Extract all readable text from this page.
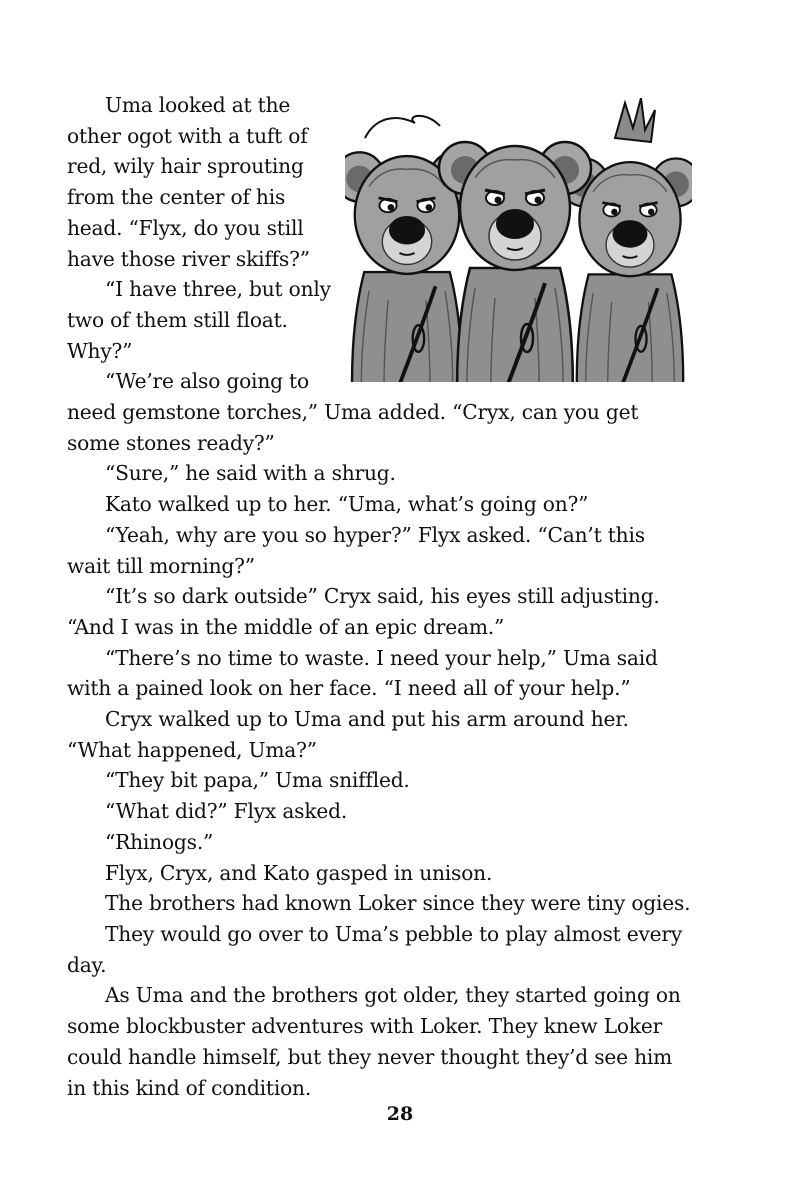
Uma looked at the other ogot with a tuft of red, wily hair sprouting from the center of his head. “Flyx, do you still have those river skiffs?”

“I have three, but only two of them still float. Why?”

“We’re also going to need gemstone torches,” Uma added. “Cryx, can you get some stones ready?”

“Sure,” he said with a shrug.

Kato walked up to her. “Uma, what’s going on?”

“Yeah, why are you so hyper?” Flyx asked. “Can’t this wait till morning?”

“It’s so dark outside” Cryx said, his eyes still adjusting. “And I was in the middle of an epic dream.”

“There’s no time to waste. I need your help,” Uma said with a pained look on her face. “I need all of your help.”

Cryx walked up to Uma and put his arm around her. “What happened, Uma?”

“They bit papa,” Uma sniffled.

“What did?” Flyx asked.

“Rhinogs.”

Flyx, Cryx, and Kato gasped in unison.

The brothers had known Loker since they were tiny ogies.

They would go over to Uma’s pebble to play almost every day.

As Uma and the brothers got older, they started going on some blockbuster adventures with Loker. They knew Loker could handle himself, but they never thought they’d see him in this kind of condition.

28
